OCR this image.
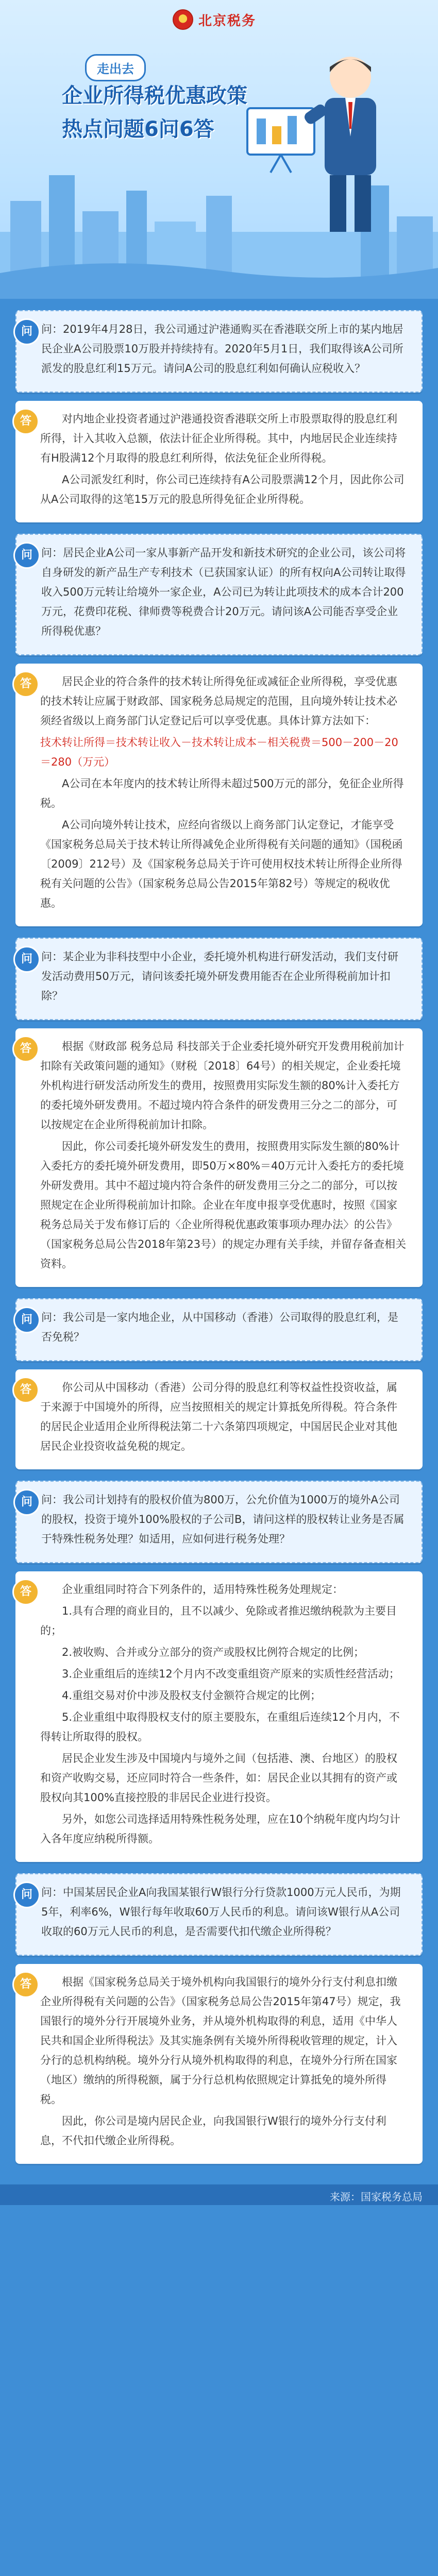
北京税务
走出去
企业所得税优惠政策
热点问题6问6答
问 问：2019年4月28日，我公司通过沪港通购买在香港联交所上市的某内地居民企业A公司股票10万股并持续持有。2020年5月1日，我们取得该A公司所派发的股息红利15万元。请问A公司的股息红利如何确认应税收入？

答	对内地企业投资者通过沪港通投资香港联交所上市股票取得的股息红利所得，计入其收入总额，依法计征企业所得税。其中，内地居民企业连续持有H股满12个月取得的股息红利所得，依法免征企业所得税。

A公司派发红利时，你公司已连续持有A公司股票满12个月，因此你公司从A公司取得的这笔15万元的股息所得免征企业所得税。

问 问：居民企业A公司一家从事新产品开发和新技术研究的企业公司，该公司将自身研发的新产品生产专利技术（已获国家认证）的所有权向A公司转让取得收入500万元转让给境外一家企业，A公司已为转让此项技术的成本合计200万元，花费印花税、律师费等税费合计20万元。请问该A公司能否享受企业所得税优惠？

答	居民企业的符合条件的技术转让所得免征或减征企业所得税，享受优惠的技术转让应属于财政部、国家税务总局规定的范围，且向境外转让技术必须经省级以上商务部门认定登记后可以享受优惠。具体计算方法如下：

技术转让所得＝技术转让收入－技术转让成本－相关税费＝500－200－20＝280（万元）

A公司在本年度内的技术转让所得未超过500万元的部分，免征企业所得税。

A公司向境外转让技术，应经向省级以上商务部门认定登记，才能享受《国家税务总局关于技术转让所得减免企业所得税有关问题的通知》（国税函〔2009〕212号）及《国家税务总局关于许可使用权技术转让所得企业所得税有关问题的公告》（国家税务总局公告2015年第82号）等规定的税收优惠。

问 问：某企业为非科技型中小企业，委托境外机构进行研发活动，我们支付研发活动费用50万元，请问该委托境外研发费用能否在企业所得税前加计扣除？

答	根据《财政部 税务总局 科技部关于企业委托境外研究开发费用税前加计扣除有关政策问题的通知》（财税〔2018〕64号）的相关规定，企业委托境外机构进行研发活动所发生的费用，按照费用实际发生额的80%计入委托方的委托境外研发费用。不超过境内符合条件的研发费用三分之二的部分，可以按规定在企业所得税前加计扣除。

因此，你公司委托境外研发发生的费用，按照费用实际发生额的80%计入委托方的委托境外研发费用，即50万×80%＝40万元计入委托方的委托境外研发费用。其中不超过境内符合条件的研发费用三分之二的部分，可以按照规定在企业所得税前加计扣除。企业在年度申报享受优惠时，按照《国家税务总局关于发布修订后的〈企业所得税优惠政策事项办理办法〉的公告》（国家税务总局公告2018年第23号）的规定办理有关手续，并留存备查相关资料。

问 问：我公司是一家内地企业，从中国移动（香港）公司取得的股息红利，是否免税？

答	你公司从中国移动（香港）公司分得的股息红利等权益性投资收益，属于来源于中国境外的所得，应当按照相关的规定计算抵免所得税。符合条件的居民企业适用企业所得税法第二十六条第四项规定，中国居民企业对其他居民企业投资收益免税的规定。

问 问：我公司计划持有的股权价值为800万，公允价值为1000万的境外A公司的股权，投资于境外100%股权的子公司B，请问这样的股权转让业务是否属于特殊性税务处理？如适用，应如何进行税务处理？

答	企业重组同时符合下列条件的，适用特殊性税务处理规定：

1.具有合理的商业目的，且不以减少、免除或者推迟缴纳税款为主要目的；

2.被收购、合并或分立部分的资产或股权比例符合规定的比例；

3.企业重组后的连续12个月内不改变重组资产原来的实质性经营活动；

4.重组交易对价中涉及股权支付金额符合规定的比例；

5.企业重组中取得股权支付的原主要股东，在重组后连续12个月内，不得转让所取得的股权。

居民企业发生涉及中国境内与境外之间（包括港、澳、台地区）的股权和资产收购交易，还应同时符合一些条件，如：居民企业以其拥有的资产或股权向其100%直接控股的非居民企业进行投资。

另外，如您公司选择适用特殊性税务处理，应在10个纳税年度内均匀计入各年度应纳税所得额。

问 问：中国某居民企业A向我国某银行W银行分行贷款1000万元人民币，为期5年，利率6%，W银行每年收取60万人民币的利息。请问该W银行从A公司收取的60万元人民币的利息，是否需要代扣代缴企业所得税？

答	根据《国家税务总局关于境外机构向我国银行的境外分行支付利息扣缴企业所得税有关问题的公告》（国家税务总局公告2015年第47号）规定，我国银行的境外分行开展境外业务，并从境外机构取得的利息，适用《中华人民共和国企业所得税法》及其实施条例有关境外所得税收管理的规定，计入分行的总机构纳税。境外分行从境外机构取得的利息，在境外分行所在国家（地区）缴纳的所得税额，属于分行总机构依照规定计算抵免的境外所得税。

因此，你公司是境内居民企业，向我国银行W银行的境外分行支付利息，不代扣代缴企业所得税。

来源：国家税务总局
